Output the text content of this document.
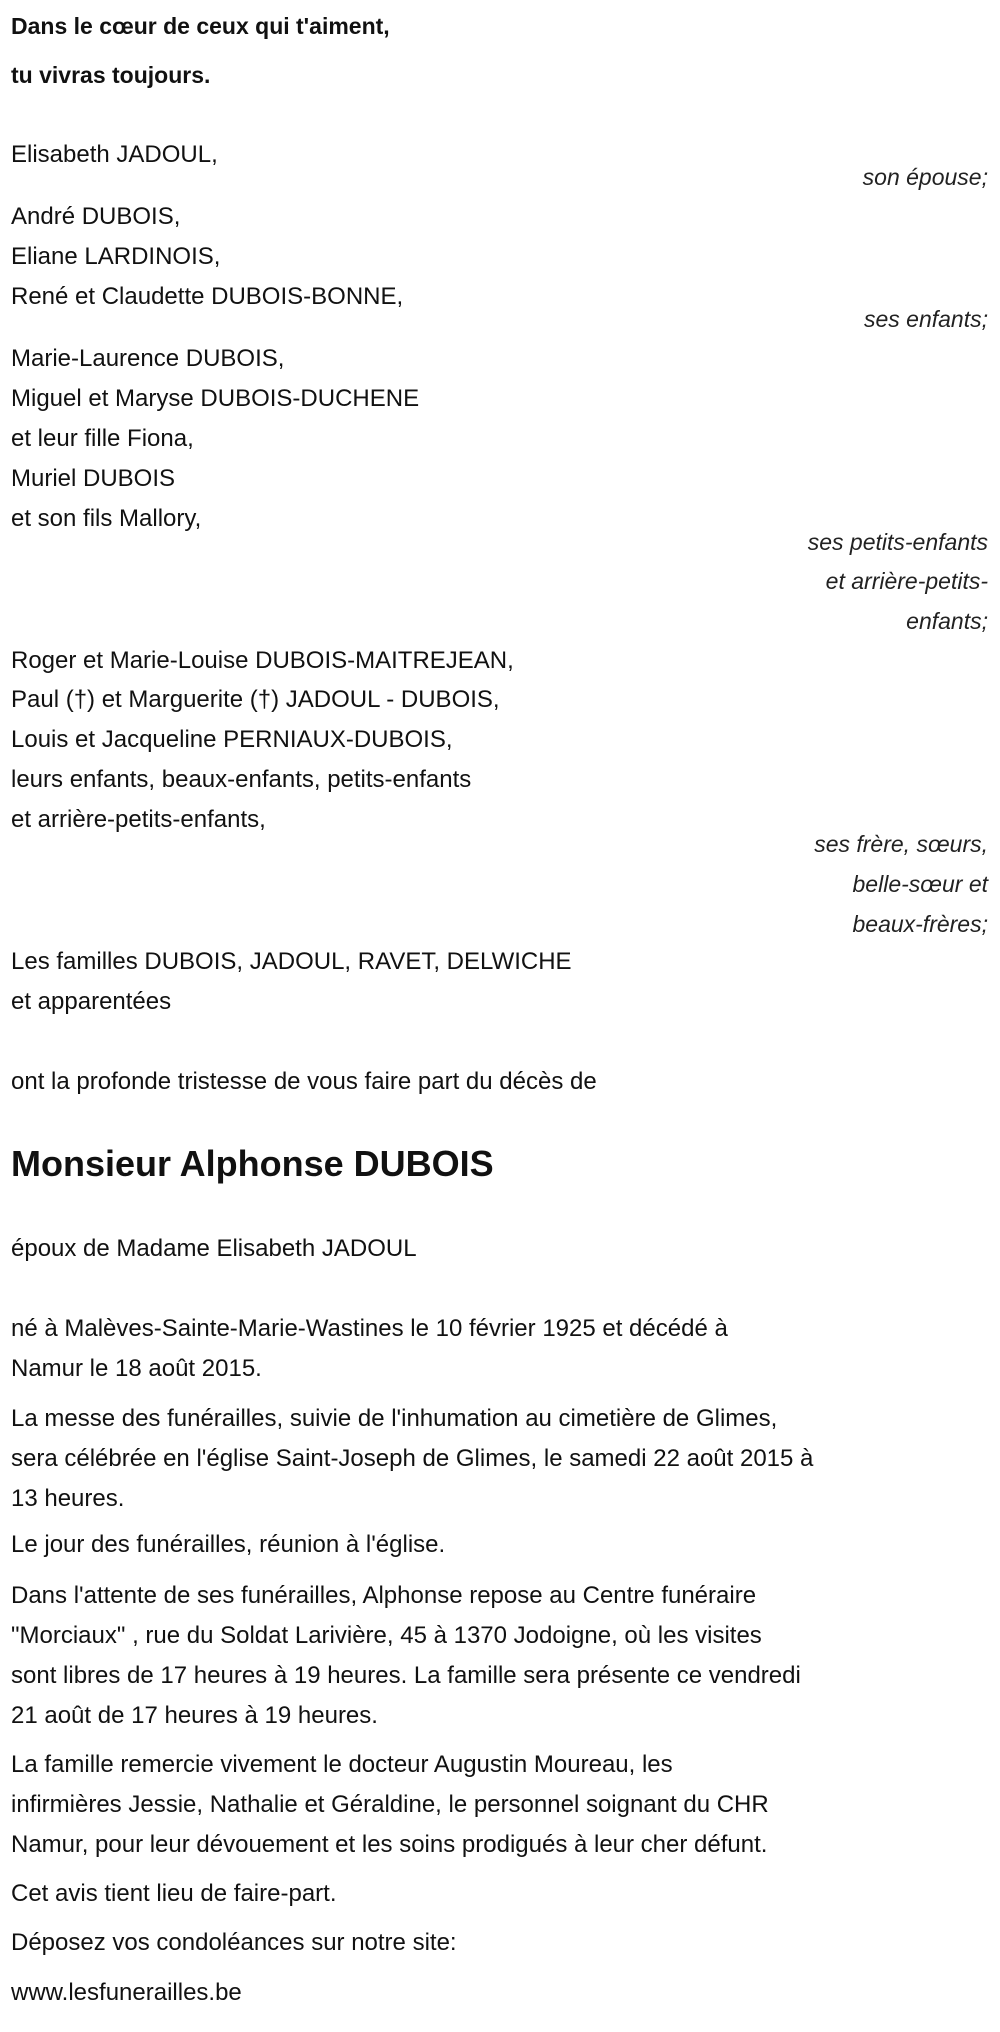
Dans le cœur de ceux qui t'aiment,
tu vivras toujours.
Elisabeth JADOUL,
son épouse;
André DUBOIS,
Eliane LARDINOIS,
René et Claudette DUBOIS-BONNE,
ses enfants;
Marie-Laurence DUBOIS,
Miguel et Maryse DUBOIS-DUCHENE
et leur fille Fiona,
Muriel DUBOIS
et son fils Mallory,
ses petits-enfants
et arrière-petits-
enfants;
Roger et Marie-Louise DUBOIS-MAITREJEAN,
Paul (†) et Marguerite (†) JADOUL - DUBOIS,
Louis et Jacqueline PERNIAUX-DUBOIS,
leurs enfants, beaux-enfants, petits-enfants
et arrière-petits-enfants,
ses frère, sœurs,
belle-sœur et
beaux-frères;
Les familles DUBOIS, JADOUL, RAVET, DELWICHE
et apparentées
ont la profonde tristesse de vous faire part du décès de
Monsieur Alphonse DUBOIS
époux de Madame Elisabeth JADOUL
né à Malèves-Sainte-Marie-Wastines le 10 février 1925 et décédé à
Namur le 18 août 2015.
La messe des funérailles, suivie de l'inhumation au cimetière de Glimes,
sera célébrée en l'église Saint-Joseph de Glimes, le samedi 22 août 2015 à
13 heures.
Le jour des funérailles, réunion à l'église.
Dans l'attente de ses funérailles, Alphonse repose au Centre funéraire
"Morciaux" , rue du Soldat Larivière, 45 à 1370 Jodoigne, où les visites
sont libres de 17 heures à 19 heures. La famille sera présente ce vendredi
21 août de 17 heures à 19 heures.
La famille remercie vivement le docteur Augustin Moureau, les
infirmières Jessie, Nathalie et Géraldine, le personnel soignant du CHR
Namur, pour leur dévouement et les soins prodigués à leur cher défunt.
Cet avis tient lieu de faire-part.
Déposez vos condoléances sur notre site:
www.lesfunerailles.be
